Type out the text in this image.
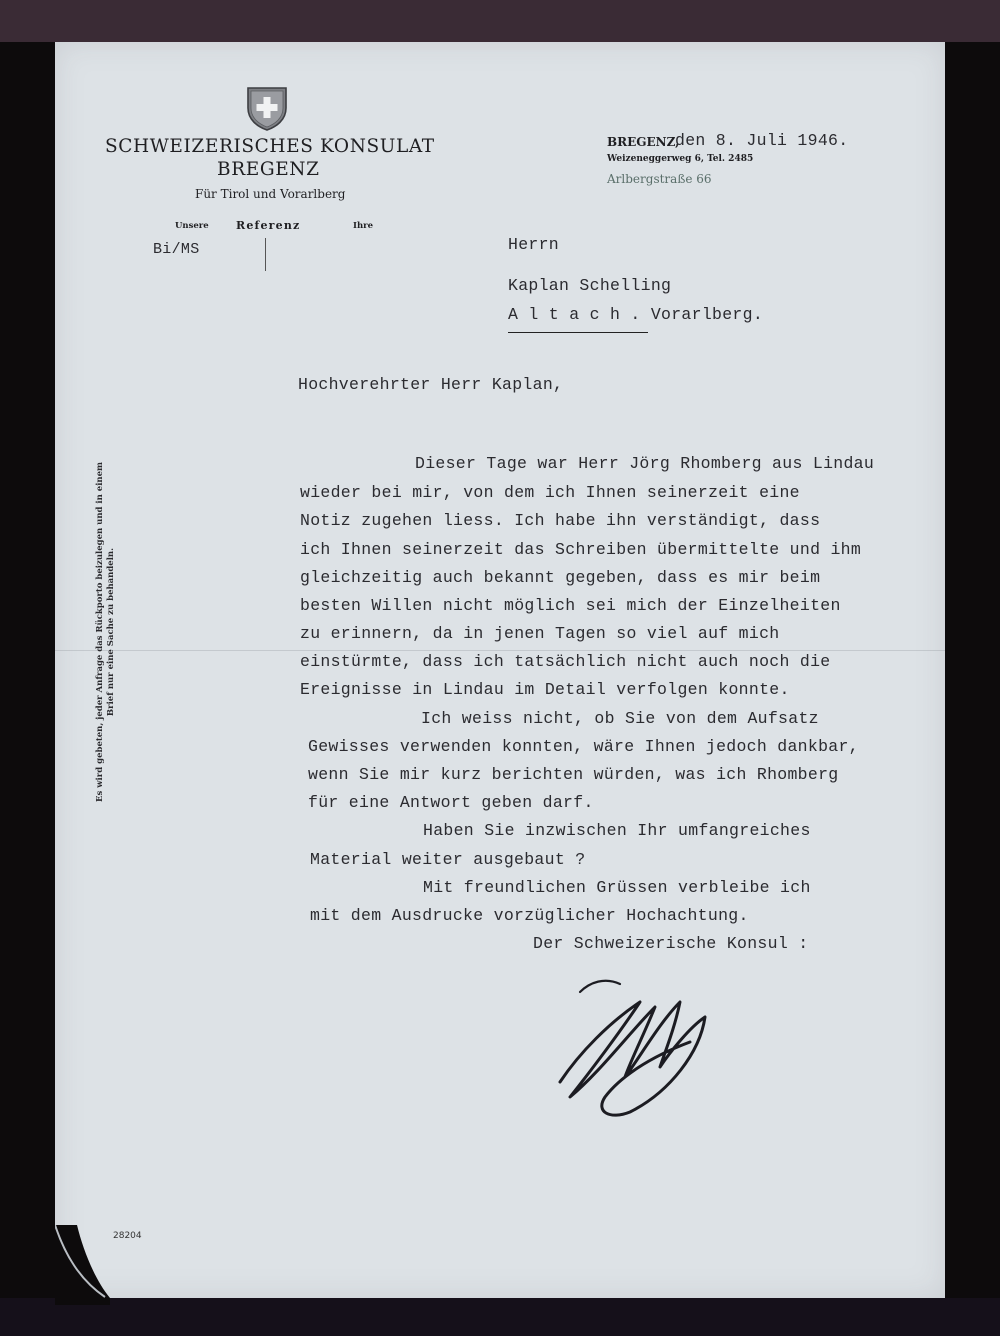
SCHWEIZERISCHES KONSULAT
BREGENZ
Für Tirol und Vorarlberg
Unsere Referenz	Ihre
Bi/MS
BREGENZ,
den 8. Juli 1946.
Weizeneggerweg 6, Tel. 2485
Arlbergstraße 66
Herrn
Kaplan Schelling
A l t a c h . Vorarlberg.
Hochverehrter Herr Kaplan,
Dieser Tage war Herr Jörg Rhomberg aus Lindau
wieder bei mir, von dem ich Ihnen seinerzeit eine
Notiz zugehen liess. Ich habe ihn verständigt, dass
ich Ihnen seinerzeit das Schreiben übermittelte und ihm
gleichzeitig auch bekannt gegeben, dass es mir beim
besten Willen nicht möglich sei mich der Einzelheiten
zu erinnern, da in jenen Tagen so viel auf mich
einstürmte, dass ich tatsächlich nicht auch noch die
Ereignisse in Lindau im Detail verfolgen konnte.
Ich weiss nicht, ob Sie von dem Aufsatz
Gewisses verwenden konnten, wäre Ihnen jedoch dankbar,
wenn Sie mir kurz berichten würden, was ich Rhomberg
für eine Antwort geben darf.
Haben Sie inzwischen Ihr umfangreiches
Material weiter ausgebaut ?
Mit freundlichen Grüssen verbleibe ich
mit dem Ausdrucke vorzüglicher Hochachtung.
Der Schweizerische Konsul :
Es wird gebeten, jeder Anfrage das Rückporto beizulegen und in einem Brief nur eine Sache zu behandeln.
28204
